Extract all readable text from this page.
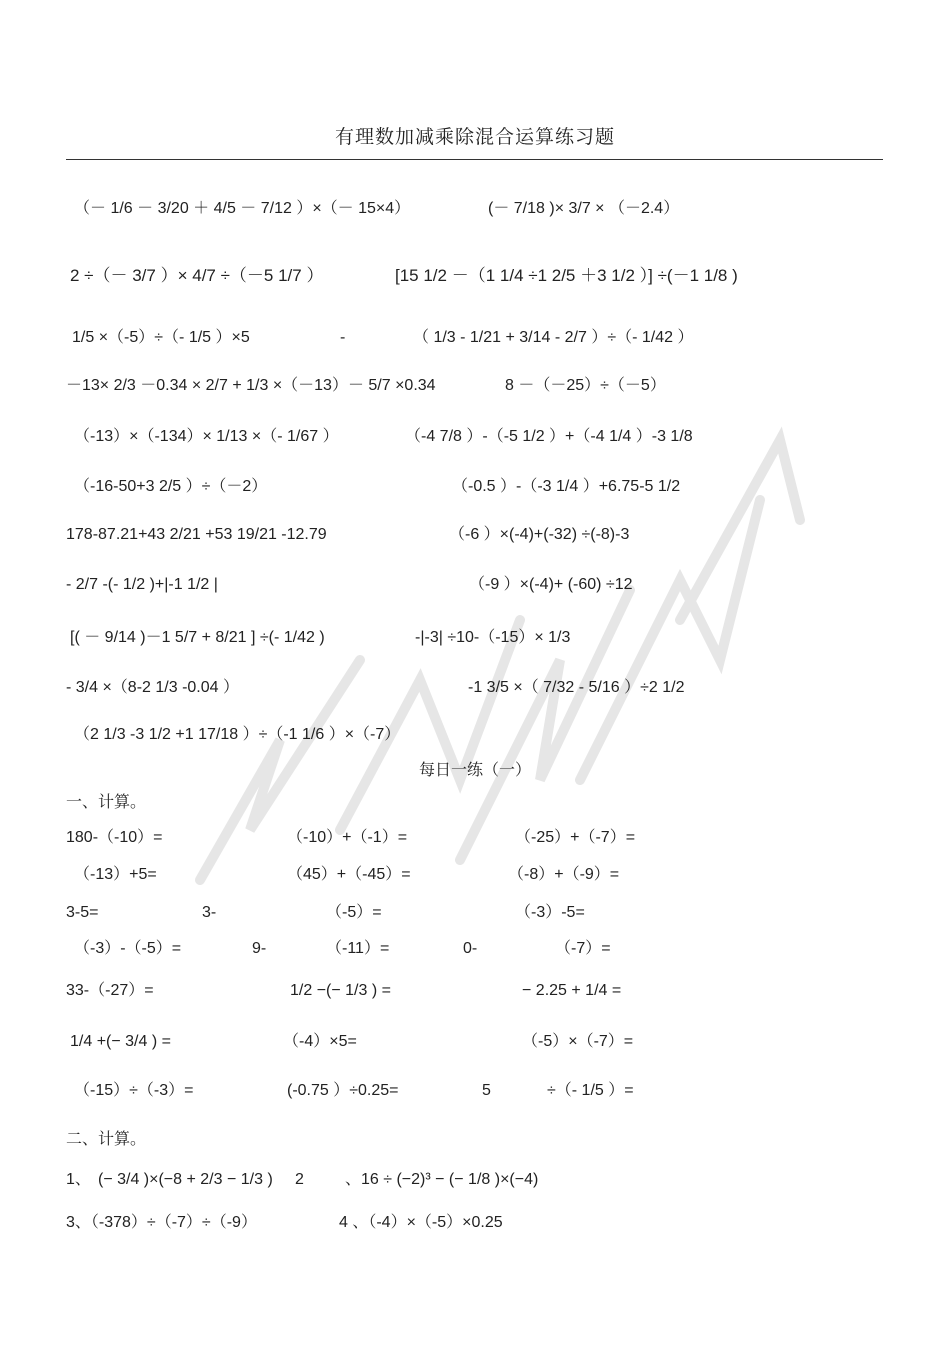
有理数加减乘除混合运算练习题
（－ 1/6 － 3/20 ＋ 4/5 － 7/12 ）×（－ 15×4）	(－ 7/18 )× 3/7 × （－2.4）
2 ÷（－ 3/7 ）× 4/7 ÷（－5 1/7 ）	[15 1/2 －（1 1/4 ÷1 2/5 ＋3 1/2 ）] ÷(－1 1/8 )
1/5 ×（-5）÷（- 1/5 ）×5	-	（ 1/3 - 1/21 + 3/14 - 2/7 ）÷（- 1/42 ）
－13× 2/3 －0.34 × 2/7 + 1/3 ×（－13）－ 5/7 ×0.34	8 －（－25）÷（－5）
（-13）×（-134）× 1/13 ×（- 1/67 ）	（-4 7/8 ）-（-5 1/2 ）+（-4 1/4 ）-3 1/8
（-16-50+3 2/5 ）÷（－2）	（-0.5 ）-（-3 1/4 ）+6.75-5 1/2
178-87.21+43 2/21 +53 19/21 -12.79	（-6 ）×(-4)+(-32) ÷(-8)-3
- 2/7 -(- 1/2 )+|-1 1/2 |	（-9 ）×(-4)+ (-60) ÷12
[( － 9/14 )－1 5/7 + 8/21 ] ÷(- 1/42 )	-|-3| ÷10-（-15）× 1/3
- 3/4 ×（8-2 1/3 -0.04 ）	-1 3/5 ×（ 7/32 - 5/16 ）÷2 1/2
（2 1/3 -3 1/2 +1 17/18 ）÷（-1 1/6 ）×（-7）
每日一练（一）
一、计算。
180-（-10）=	（-10）+（-1）=	（-25）+（-7）=
（-13）+5=	（45）+（-45）=	（-8）+（-9）=
3-5=	3-	（-5）=	（-3）-5=
（-3）-（-5）=	9-	（-11）=	0-	（-7）=
33-（-27）=	1/2 −(− 1/3 ) =	− 2.25 + 1/4 =
1/4 +(− 3/4 ) =	（-4）×5=	（-5）×（-7）=
（-15）÷（-3）=	(-0.75 ）÷0.25=	5	÷（- 1/5 ）=
二、计算。
1、 (− 3/4 )×(−8 + 2/3 − 1/3 ) 2	、16 ÷ (−2)³ − (− 1/8 )×(−4)
3、（-378）÷（-7）÷（-9）	4 、（-4）×（-5）×0.25
